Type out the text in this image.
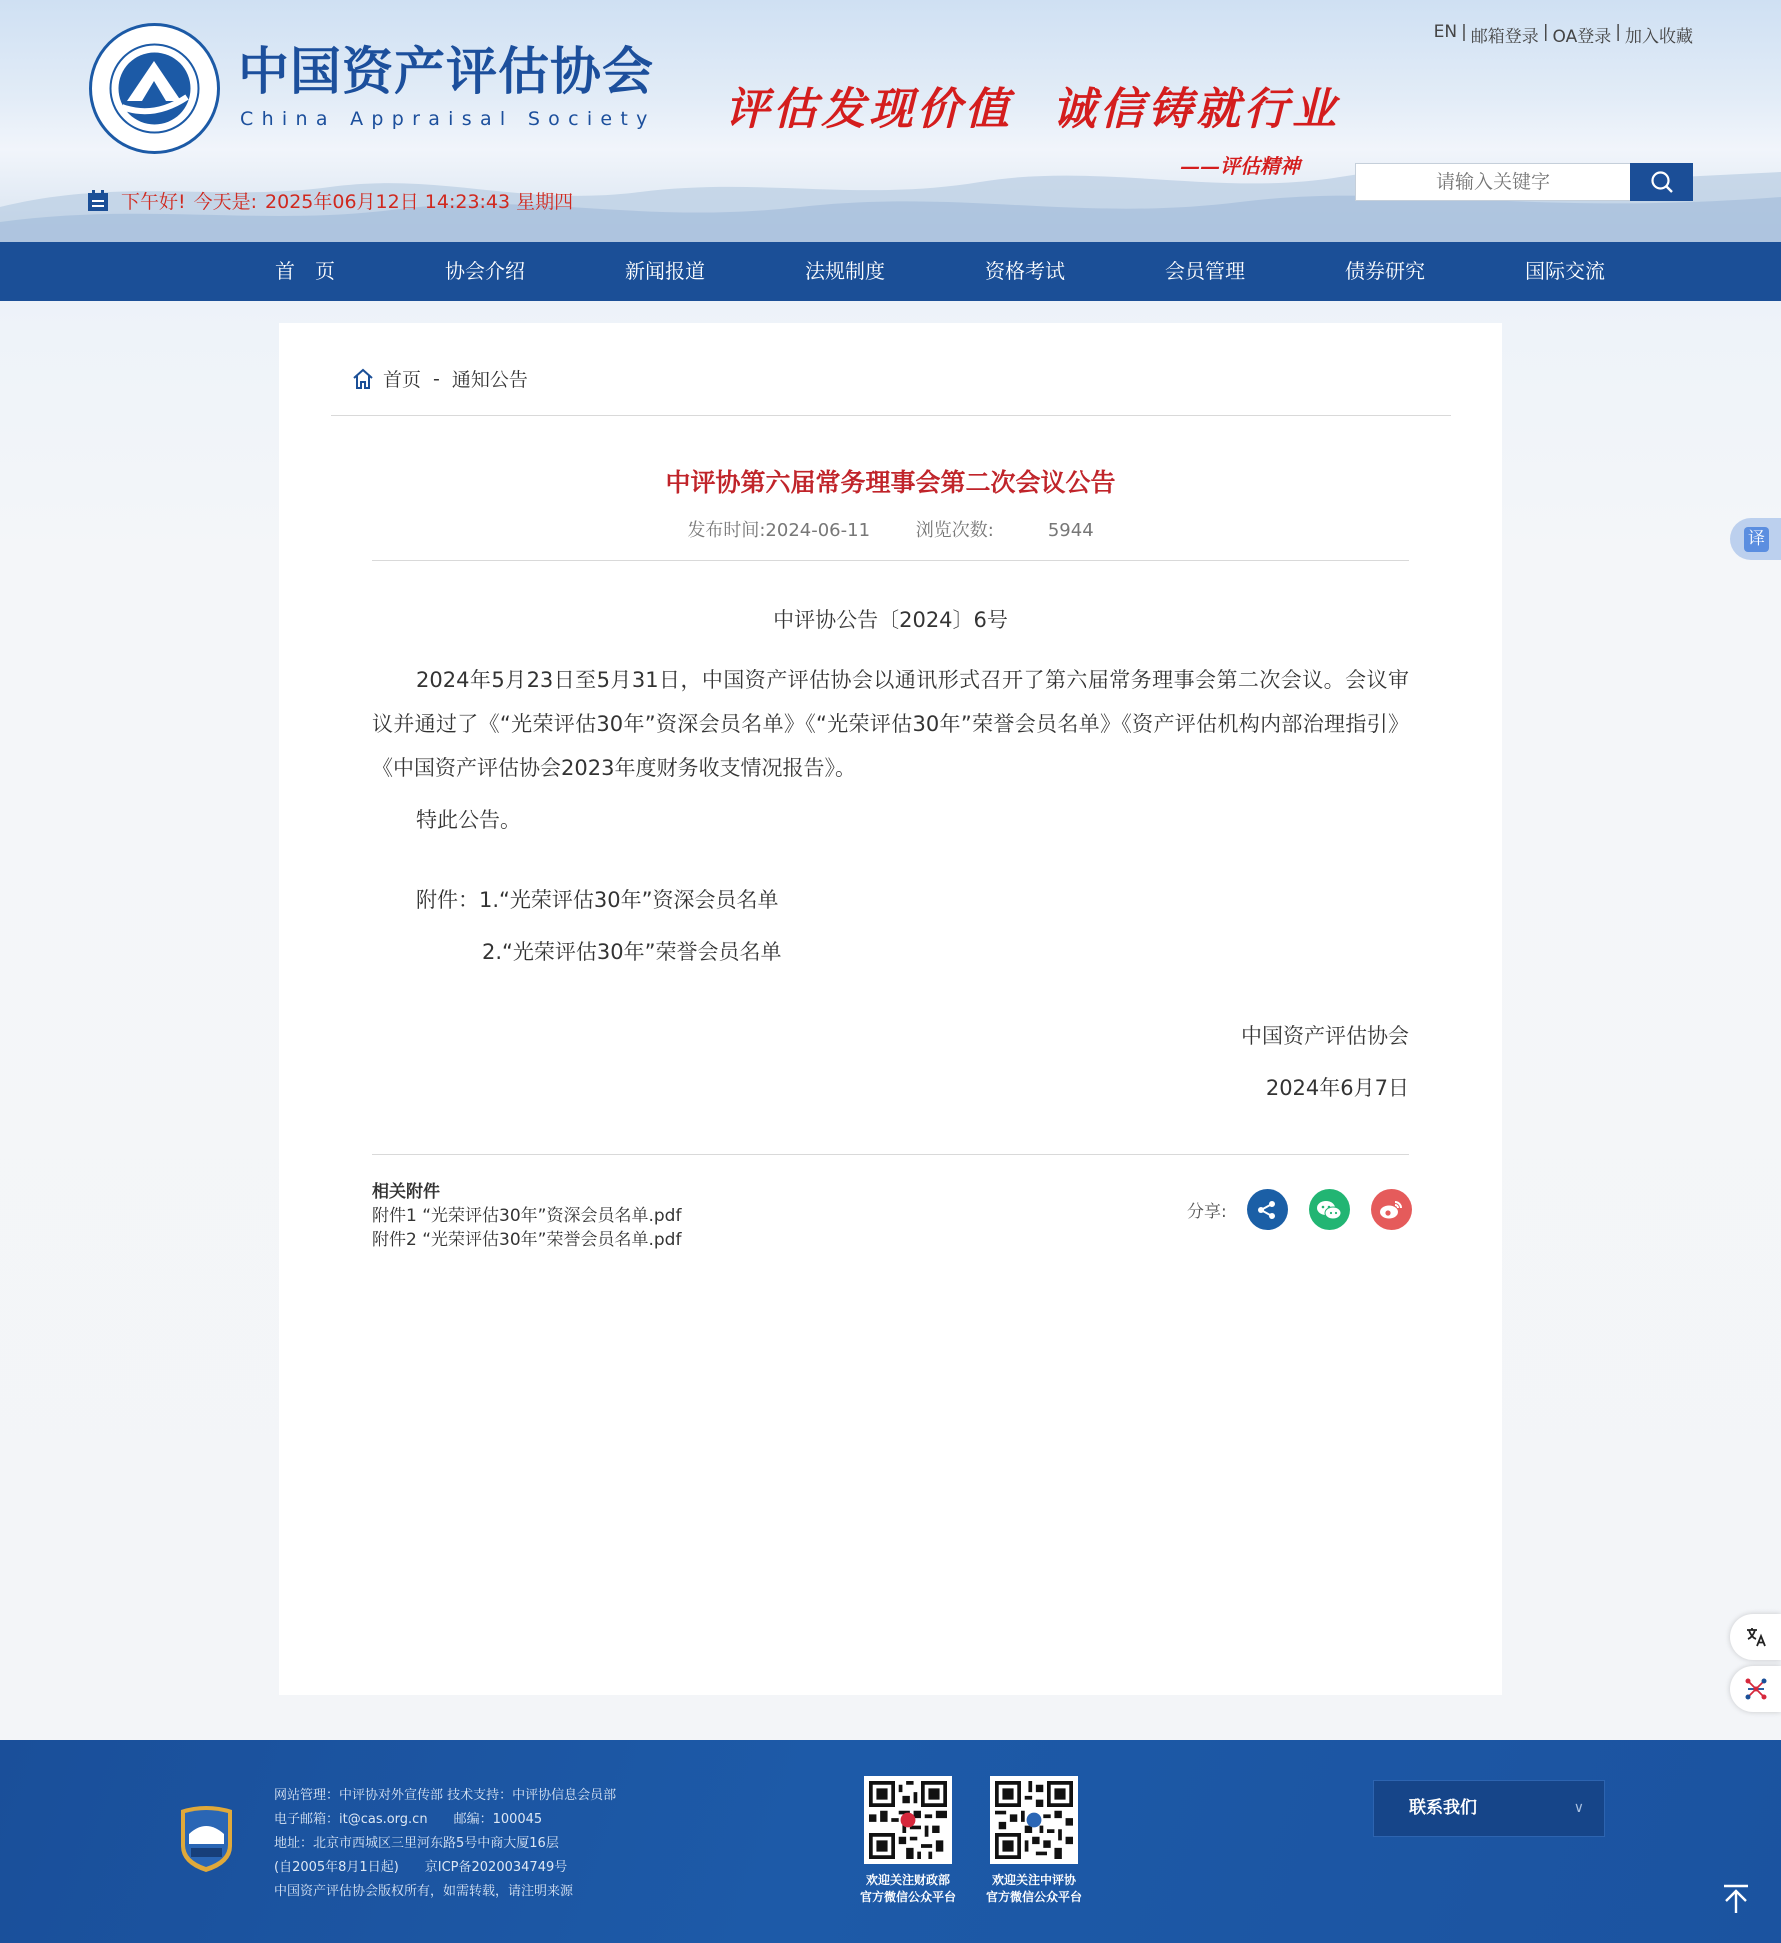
中国资产评估协会
China Appraisal Society 评估发现价值 诚信铸就行业
——评估精神
EN | 邮箱登录 | OA登录 | 加入收藏
下午好! 今天是: 2025年06月12日 14:23:43 星期四
请输入关键字
首　页	协会介绍	新闻报道	法规制度	资格考试	会员管理	债券研究	国际交流
首页 - 通知公告
中评协第六届常务理事会第二次会议公告
发布时间:2024-06-11	浏览次数:	5944
中评协公告〔2024〕6号
2024年5月23日至5月31日，中国资产评估协会以通讯形式召开了第六届常务理事会第二次会议。会议审议并通过了《“光荣评估30年”资深会员名单》《“光荣评估30年”荣誉会员名单》《资产评估机构内部治理指引》《中国资产评估协会2023年度财务收支情况报告》。
特此公告。
附件：1.“光荣评估30年”资深会员名单
2.“光荣评估30年”荣誉会员名单
中国资产评估协会
2024年6月7日
相关附件
附件1 “光荣评估30年”资深会员名单.pdf
附件2 “光荣评估30年”荣誉会员名单.pdf
分享:
译
网站管理：中评协对外宣传部 技术支持：中评协信息会员部
电子邮箱：it@cas.org.cn　　邮编：100045
地址：北京市西城区三里河东路5号中商大厦16层
(自2005年8月1日起)　　京ICP备2020034749号
中国资产评估协会版权所有，如需转载，请注明来源
欢迎关注财政部
官方微信公众平台
欢迎关注中评协
官方微信公众平台
联系我们	∨
